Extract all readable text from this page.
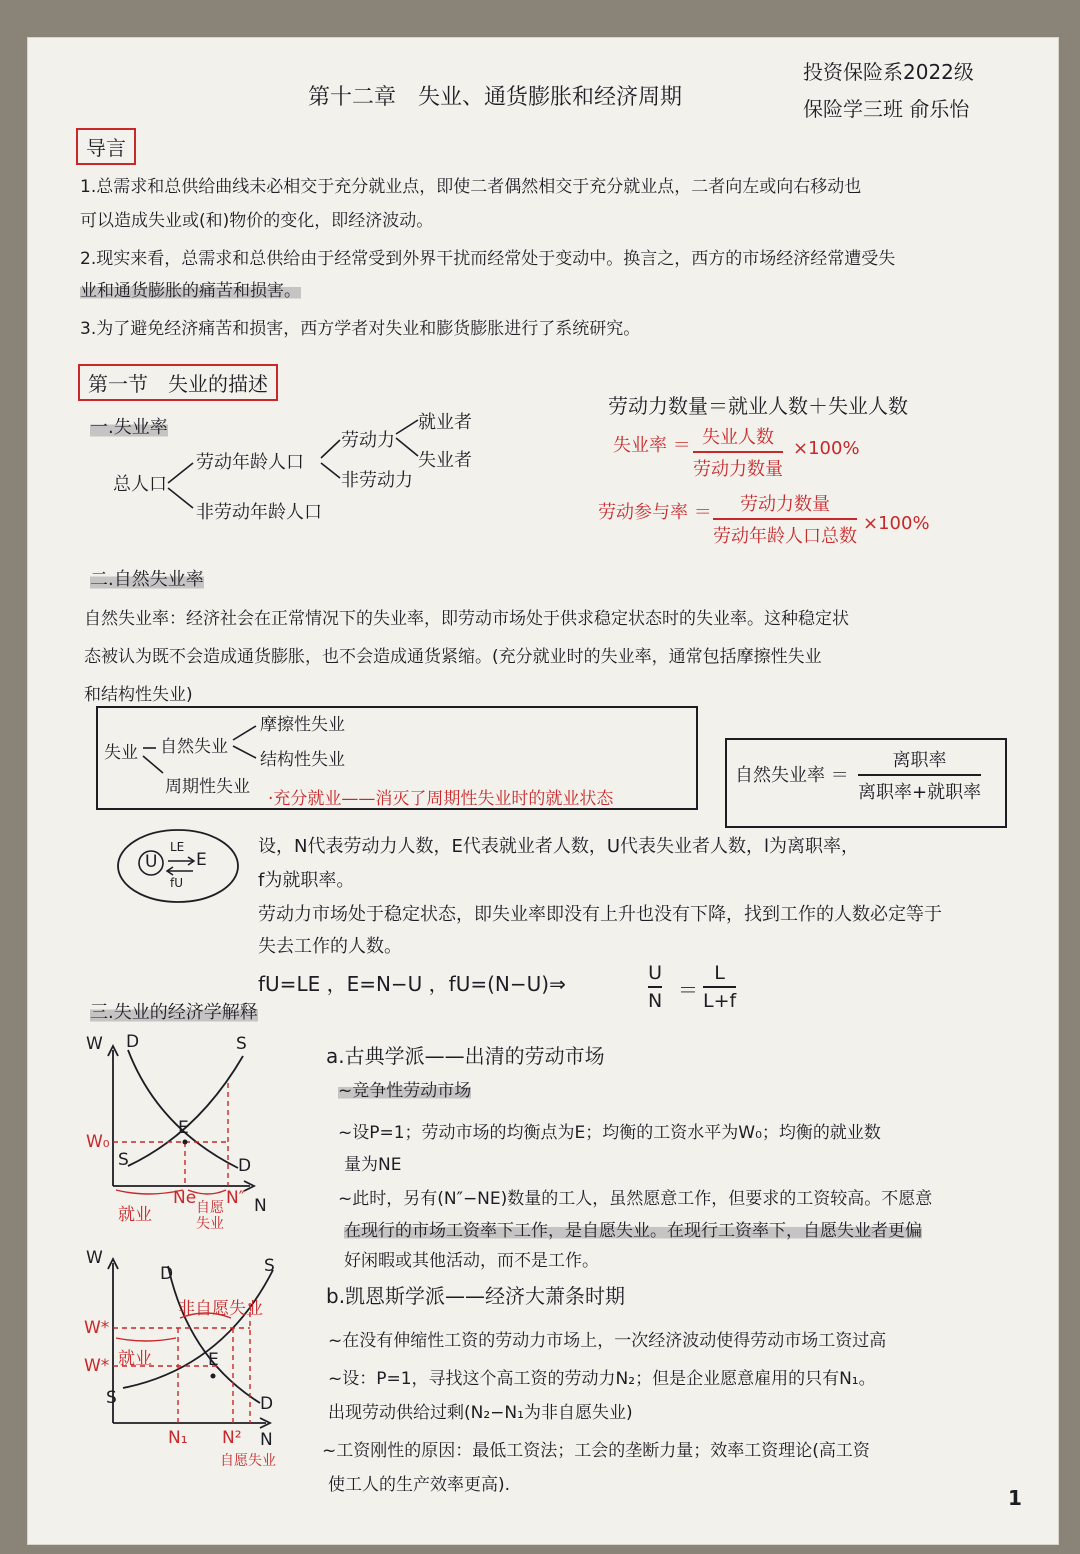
第十二章　失业、通货膨胀和经济周期
投资保险系2022级
保险学三班 俞乐怡
导言
1.总需求和总供给曲线未必相交于充分就业点，即使二者偶然相交于充分就业点，二者向左或向右移动也
可以造成失业或(和)物价的变化，即经济波动。
2.现实来看，总需求和总供给由于经常受到外界干扰而经常处于变动中。换言之，西方的市场经济经常遭受失
业和通货膨胀的痛苦和损害。
3.为了避免经济痛苦和损害，西方学者对失业和膨货膨胀进行了系统研究。
第一节　失业的描述
一.失业率
总人口
劳动年龄人口
非劳动年龄人口
劳动力
非劳动力
就业者
失业者
劳动力数量＝就业人数＋失业人数
失业率 ＝ 失业人数
劳动力数量
×100%
劳动参与率 ＝ 劳动力数量
劳动年龄人口总数
×100%
二.自然失业率
自然失业率：经济社会在正常情况下的失业率，即劳动市场处于供求稳定状态时的失业率。这种稳定状
态被认为既不会造成通货膨胀，也不会造成通货紧缩。(充分就业时的失业率，通常包括摩擦性失业
和结构性失业)
失业 自然失业
周期性失业
摩擦性失业
结构性失业
·充分就业——消灭了周期性失业时的就业状态
自然失业率 ＝
离职率
离职率+就职率
U E
LE
fU
设，N代表劳动力人数，E代表就业者人数，U代表失业者人数，l为离职率，
f为就职率。
劳动力市场处于稳定状态，即失业率即没有上升也没有下降，找到工作的人数必定等于
失去工作的人数。
fU=LE ，E=N−U ，fU=(N−U)⇒	U
N ＝
L
L+f
三.失业的经济学解释
W D	S
E
S	D
W₀
N
Ne N″
就业	自愿失业
a.古典学派——出清的劳动市场
~竞争性劳动市场
~设P=1；劳动市场的均衡点为E；均衡的工资水平为W₀；均衡的就业数
量为NE
~此时，另有(N″−NE)数量的工人，虽然愿意工作，但要求的工资较高。不愿意
在现行的市场工资率下工作，是自愿失业。在现行工资率下，自愿失业者更偏
好闲暇或其他活动，而不是工作。
W
D	S
E
S	D
W*
W*
非自愿失业
就业
N₁ N² N
自愿失业
b.凯恩斯学派——经济大萧条时期
~在没有伸缩性工资的劳动力市场上，一次经济波动使得劳动市场工资过高
~设：P=1，寻找这个高工资的劳动力N₂；但是企业愿意雇用的只有N₁。
出现劳动供给过剩(N₂−N₁为非自愿失业)
~工资刚性的原因：最低工资法；工会的垄断力量；效率工资理论(高工资
使工人的生产效率更高).
1
